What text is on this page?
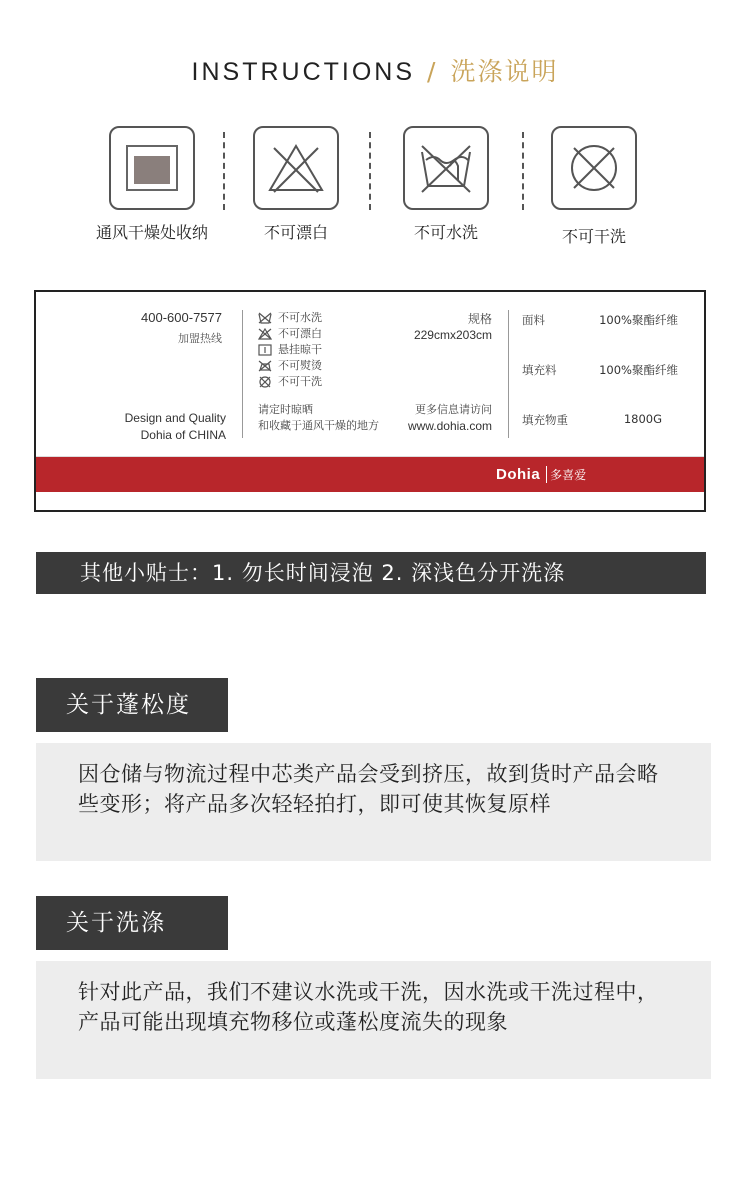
INSTRUCTIONS / 洗涤说明
通风干燥处收纳	不可漂白	不可水洗	不可干洗
400-600-7577
加盟热线
Design and Quality
Dohia of CHINA
不可水洗
不可漂白
悬挂晾干
不可熨烫
不可干洗
请定时晾晒
和收藏于通风干燥的地方
规格
229cmx203cm
更多信息请访问
www.dohia.com
面料	100%聚酯纤维
填充料	100%聚酯纤维
填充物重	1800G
Dohia 多喜爱
其他小贴士：1. 勿长时间浸泡 2. 深浅色分开洗涤
关于蓬松度
因仓储与物流过程中芯类产品会受到挤压，故到货时产品会略些变形；将产品多次轻轻拍打，即可使其恢复原样
关于洗涤
针对此产品，我们不建议水洗或干洗，因水洗或干洗过程中，产品可能出现填充物移位或蓬松度流失的现象
